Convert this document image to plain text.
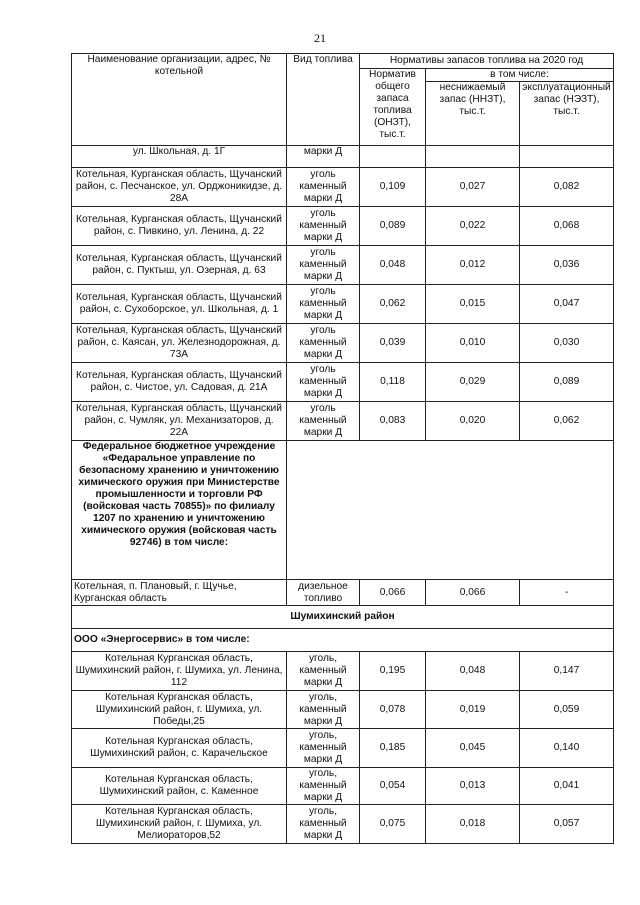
21
Наименование организации, адрес, № котельной	Вид топлива	Нормативы запасов топлива на 2020 год		
		Норматив общего запаса топлива (ОНЗТ), тыс.т.	в том числе:	
			неснижаемый запас (ННЗТ), тыс.т.	эксплуатационный запас (НЭЗТ), тыс.т.
ул. Школьная, д. 1Г	марки Д			
Котельная, Курганская область, Щучанский район, с. Песчанское, ул. Орджоникидзе, д. 28А	уголь каменный марки Д	0,109	0,027	0,082
Котельная, Курганская область, Щучанский район, с. Пивкино, ул. Ленина, д. 22	уголь каменный марки Д	0,089	0,022	0,068
Котельная, Курганская область, Щучанский район, с. Пуктыш, ул. Озерная, д. 63	уголь каменный марки Д	0,048	0,012	0,036
Котельная, Курганская область, Щучанский район, с. Сухоборское, ул. Школьная, д. 1	уголь каменный марки Д	0,062	0,015	0,047
Котельная, Курганская область, Щучанский район, с. Каясан, ул. Железнодорожная, д. 73А	уголь каменный марки Д	0,039	0,010	0,030
Котельная, Курганская область, Щучанский район, с. Чистое, ул. Садовая, д. 21А	уголь каменный марки Д	0,118	0,029	0,089
Котельная, Курганская область, Щучанский район, с. Чумляк, ул. Механизаторов, д. 22А	уголь каменный марки Д	0,083	0,020	0,062
Федеральное бюджетное учреждение «Федаральное управление по безопасному хранению и уничтожению химического оружия при Министерстве промышленности и торговли РФ (войсковая часть 70855)» по филиалу 1207 по хранению и уничтожению химического оружия (войсковая часть 92746) в том числе:				
Котельная, п. Плановый, г. Щучье, Курганская область	дизельное топливо	0,066	0,066	-
Шумихинский район				
ООО «Энергосервис» в том числе:				
Котельная Курганская область, Шумихинский район, г. Шумиха, ул. Ленина, 112	уголь, каменный марки Д	0,195	0,048	0,147
Котельная Курганская область, Шумихинский район, г. Шумиха, ул. Победы,25	уголь, каменный марки Д	0,078	0,019	0,059
Котельная Курганская область, Шумихинский район, с. Карачельское	уголь, каменный марки Д	0,185	0,045	0,140
Котельная Курганская область, Шумихинский район, с. Каменное	уголь, каменный марки Д	0,054	0,013	0,041
Котельная Курганская область, Шумихинский район, г. Шумиха, ул. Мелиораторов,52	уголь, каменный марки Д	0,075	0,018	0,057
